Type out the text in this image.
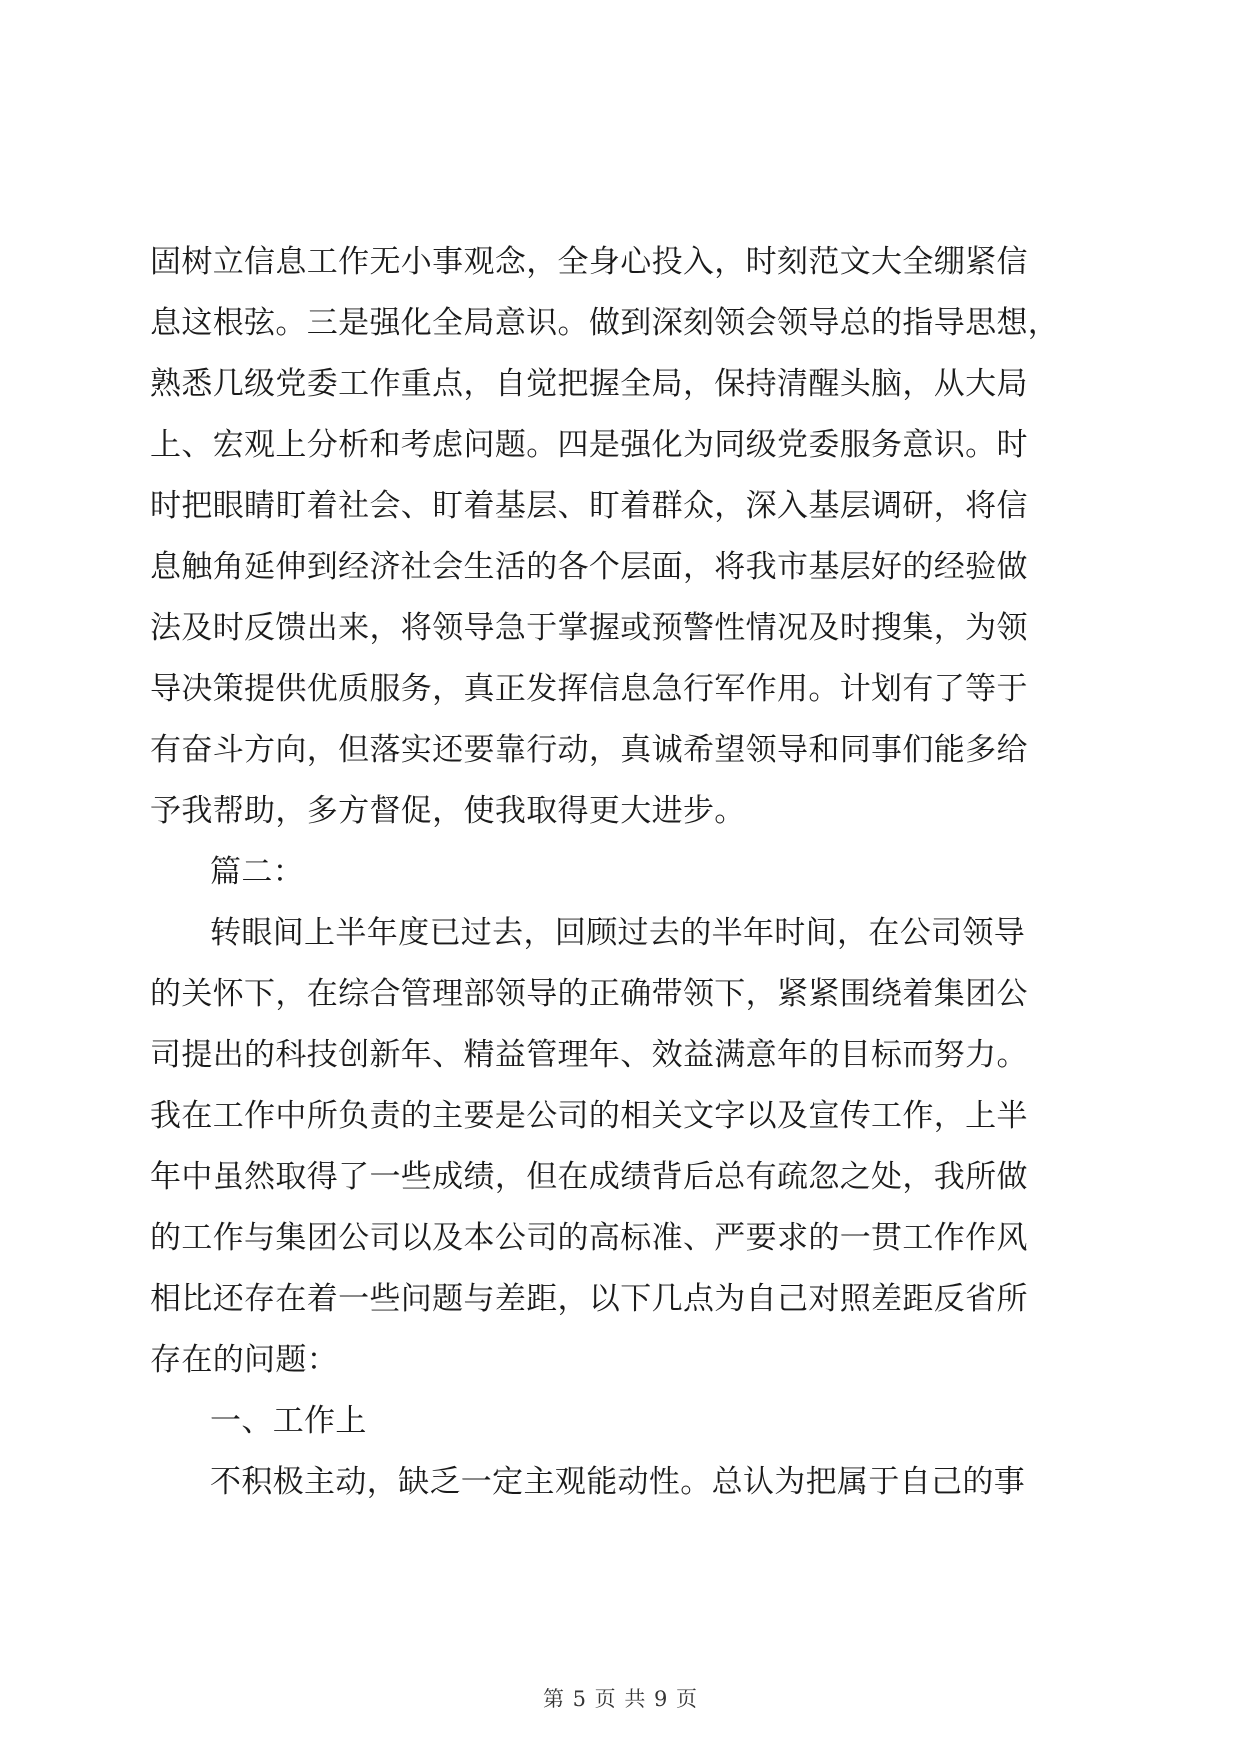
固树立信息工作无小事观念，全身心投入，时刻范文大全绷紧信
息这根弦。三是强化全局意识。做到深刻领会领导总的指导思想，
熟悉几级党委工作重点，自觉把握全局，保持清醒头脑，从大局
上、宏观上分析和考虑问题。四是强化为同级党委服务意识。时
时把眼睛盯着社会、盯着基层、盯着群众，深入基层调研，将信
息触角延伸到经济社会生活的各个层面，将我市基层好的经验做
法及时反馈出来，将领导急于掌握或预警性情况及时搜集，为领
导决策提供优质服务，真正发挥信息急行军作用。计划有了等于
有奋斗方向，但落实还要靠行动，真诚希望领导和同事们能多给
予我帮助，多方督促，使我取得更大进步。
篇二：
转眼间上半年度已过去，回顾过去的半年时间，在公司领导
的关怀下，在综合管理部领导的正确带领下，紧紧围绕着集团公
司提出的科技创新年、精益管理年、效益满意年的目标而努力。
我在工作中所负责的主要是公司的相关文字以及宣传工作，上半
年中虽然取得了一些成绩，但在成绩背后总有疏忽之处，我所做
的工作与集团公司以及本公司的高标准、严要求的一贯工作作风
相比还存在着一些问题与差距，以下几点为自己对照差距反省所
存在的问题：
一、工作上
不积极主动，缺乏一定主观能动性。总认为把属于自己的事
第 5 页 共 9 页
